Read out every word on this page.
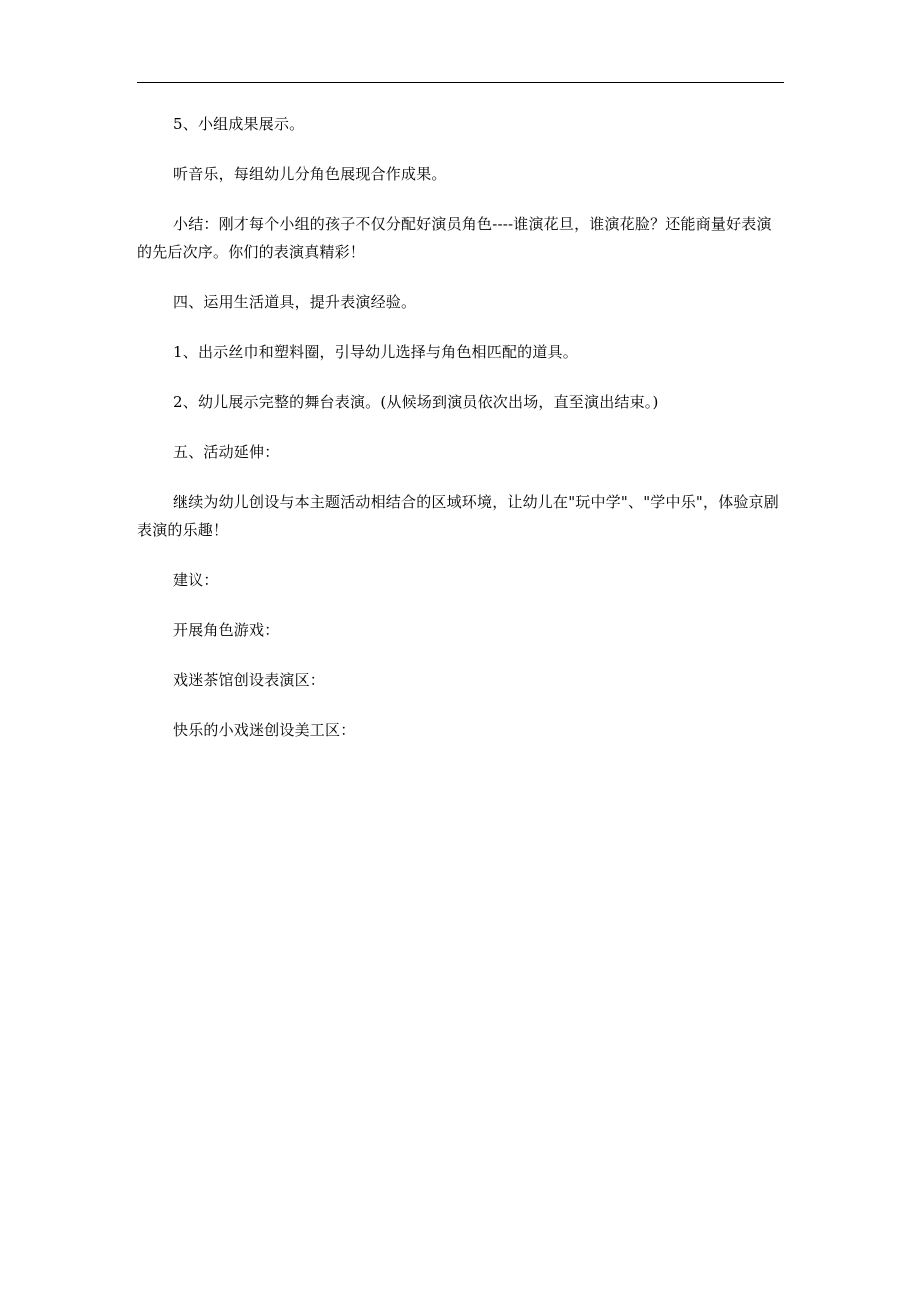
5、小组成果展示。

听音乐，每组幼儿分角色展现合作成果。

小结：刚才每个小组的孩子不仅分配好演员角色----谁演花旦，谁演花脸？还能商量好表演的先后次序。你们的表演真精彩！

四、运用生活道具，提升表演经验。

1、出示丝巾和塑料圈，引导幼儿选择与角色相匹配的道具。

2、幼儿展示完整的舞台表演。(从候场到演员依次出场，直至演出结束。)

五、活动延伸：

继续为幼儿创设与本主题活动相结合的区域环境，让幼儿在"玩中学"、"学中乐"，体验京剧表演的乐趣！

建议：

开展角色游戏：

戏迷茶馆创设表演区：

快乐的小戏迷创设美工区：
